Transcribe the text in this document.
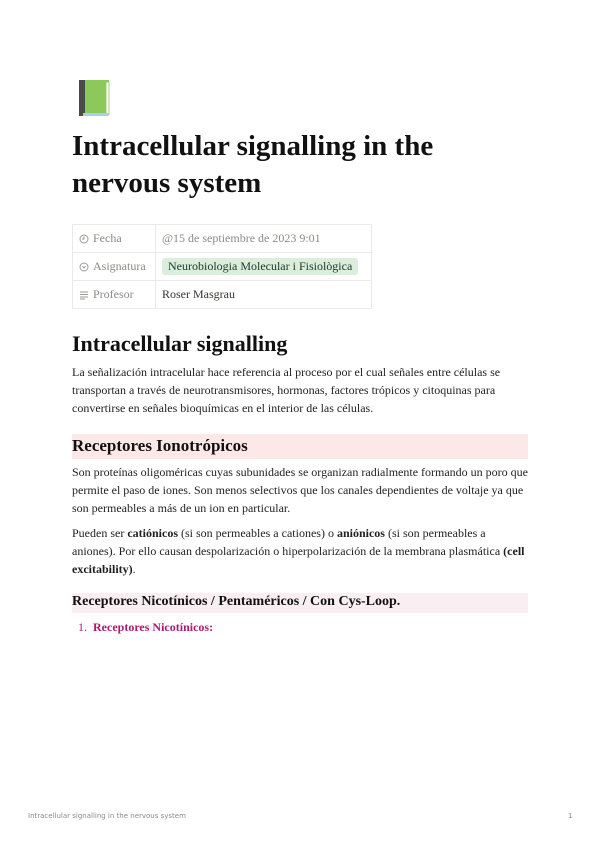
Intracellular signalling in the nervous system
Fecha	@15 de septiembre de 2023 9:01
Asignatura	Neurobiologia Molecular i Fisiològica
Profesor	Roser Masgrau
Intracellular signalling

La señalización intracelular hace referencia al proceso por el cual señales entre células se transportan a través de neurotransmisores, hormonas, factores trópicos y citoquinas para convertirse en señales bioquímicas en el interior de las células.

Receptores Ionotrópicos

Son proteínas oligoméricas cuyas subunidades se organizan radialmente formando un poro que permite el paso de iones. Son menos selectivos que los canales dependientes de voltaje ya que son permeables a más de un ion en particular.

Pueden ser catiónicos (si son permeables a cationes) o aniónicos (si son permeables a aniones). Por ello causan despolarización o hiperpolarización de la membrana plasmática (cell excitability).

Receptores Nicotínicos / Pentaméricos / Con Cys-Loop.
1. Receptores Nicotínicos:
Intracellular signalling in the nervous system	1
